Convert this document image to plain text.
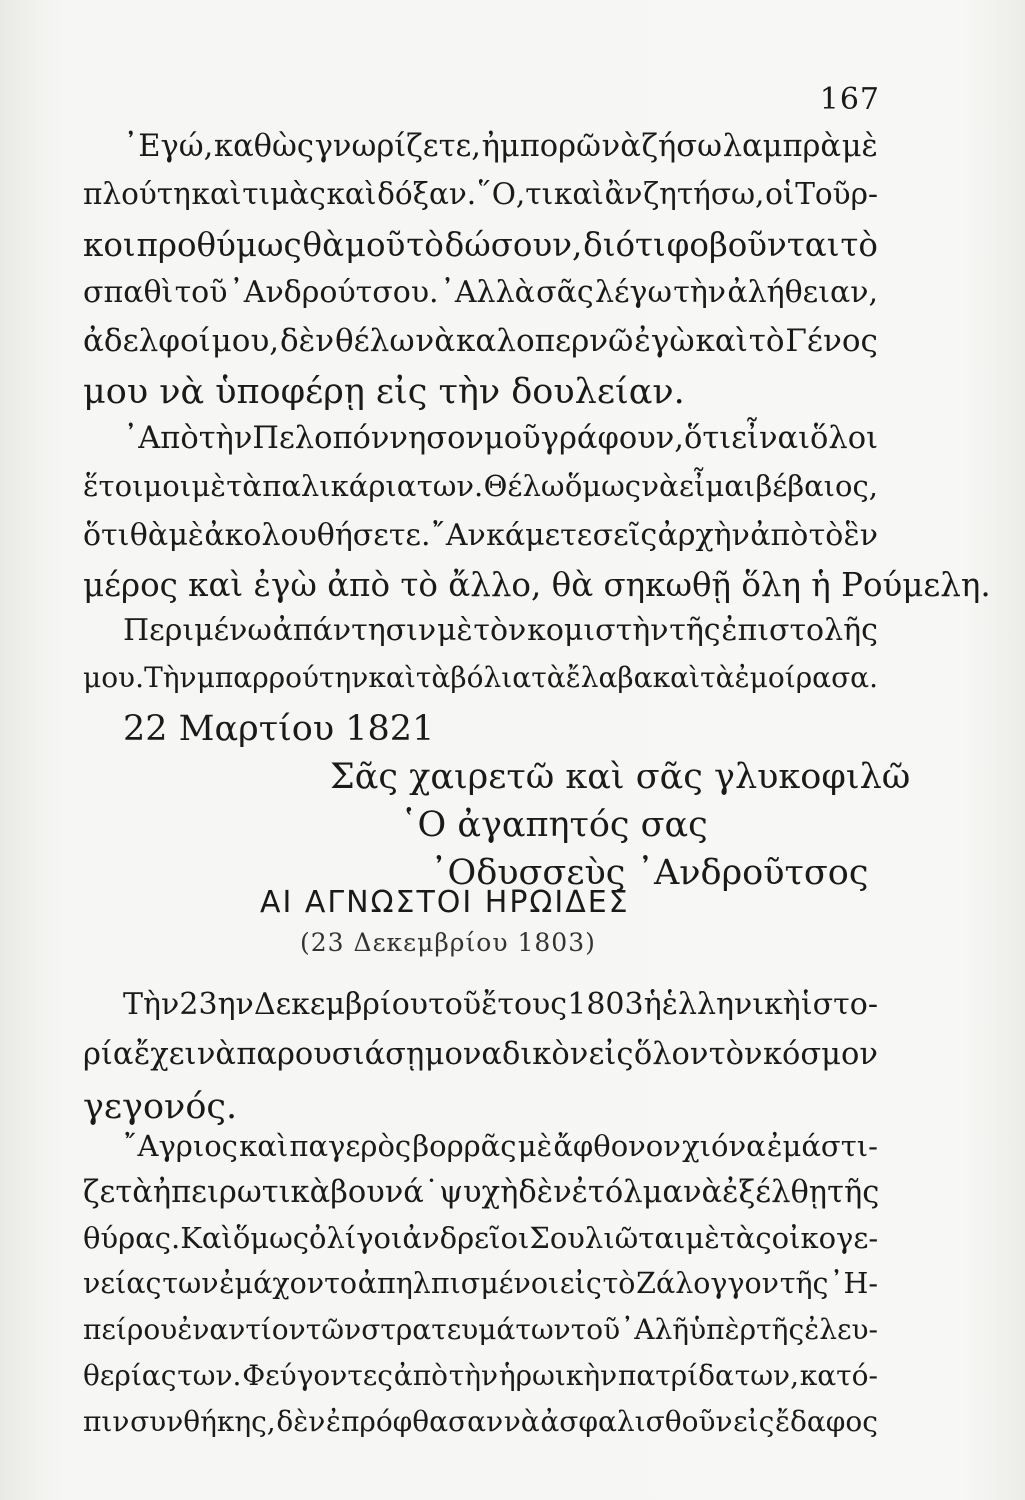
167
᾿Εγώ, καθὼς γνωρίζετε, ἠμπορῶ νὰ ζήσω λαμπρὰ μὲ
πλούτη καὶ τιμὰς καὶ δόξαν. ῞Ο,τι καὶ ἂν ζητήσω, οἱ Τοῦρ-
κοι προθύμως θὰ μοῦ τὸ δώσουν, διότι φοβοῦνται τὸ
σπαθὶ τοῦ ᾿Ανδρούτσου. ᾿Αλλὰ σᾶς λέγω τὴν ἀλήθειαν,
ἀδελφοί μου, δὲν θέλω νὰ καλοπερνῶ ἐγὼ καὶ τὸ Γένος
μου νὰ ὑποφέρῃ εἰς τὴν δουλείαν.
᾿Απὸ τὴν Πελοπόννησον μοῦ γράφουν, ὅτι εἶναι ὅλοι
ἕτοιμοι μὲ τὰ παλικάρια των. Θέλω ὅμως νὰ εἶμαι βέβαιος,
ὅτι θὰ μὲ ἀκολουθήσετε. ῎Αν κάμετε σεῖς ἀρχὴν ἀπὸ τὸ ἓν
μέρος καὶ ἐγὼ ἀπὸ τὸ ἄλλο, θὰ σηκωθῇ ὅλη ἡ Ρούμελη.
Περιμένω ἀπάντησιν μὲ τὸν κομιστὴν τῆς ἐπιστολῆς
μου. Τὴν μπαρρούτην καὶ τὰ βόλια τὰ ἔλαβα καὶ τὰ ἐμοίρασα.
22 Μαρτίου 1821
Σᾶς χαιρετῶ καὶ σᾶς γλυκοφιλῶ
῾Ο ἀγαπητός σας
᾿Οδυσσεὺς ᾿Ανδροῦτσος
ΑΙ ΑΓΝΩΣΤΟΙ ΗΡΩΙΔΕΣ
(23 Δεκεμβρίου 1803)
Τὴν 23ην Δεκεμβρίου τοῦ ἔτους 1803 ἡ ἑλληνικὴ ἱστο-
ρία ἔχει νὰ παρουσιάσῃ μοναδικὸν εἰς ὅλον τὸν κόσμον
γεγονός.
῎Αγριος καὶ παγερὸς βορρᾶς μὲ ἄφθονον χιόνα ἐμάστι-
ζε τὰ ἠπειρωτικὰ βουνά˙ ψυχὴ δὲν ἐτόλμα νὰ ἐξέλθῃ τῆς
θύρας. Καὶ ὅμως ὀλίγοι ἀνδρεῖοι Σουλιῶται μὲ τὰς οἰκογε-
νείας των ἐμάχοντο ἀπηλπισμένοι εἰς τὸ Ζάλογγον τῆς ᾿Η-
πείρου ἐναντίον τῶν στρατευμάτων τοῦ ᾿Αλῆ ὑπὲρ τῆς ἐλευ-
θερίας των. Φεύγοντες ἀπὸ τὴν ἡρωικὴν πατρίδα των, κατό-
πιν συνθήκης, δὲν ἐπρόφθασαν νὰ ἀσφαλισθοῦν εἰς ἔδαφος
